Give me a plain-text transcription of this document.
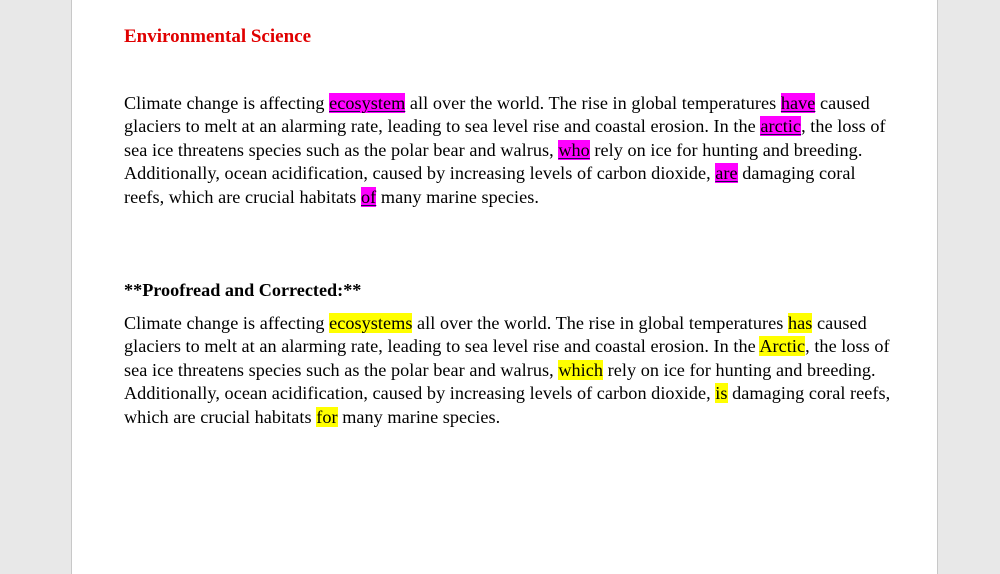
Environmental Science

Climate change is affecting ecosystem all over the world. The rise in global temperatures have caused glaciers to melt at an alarming rate, leading to sea level rise and coastal erosion. In the arctic, the loss of sea ice threatens species such as the polar bear and walrus, who rely on ice for hunting and breeding. Additionally, ocean acidification, caused by increasing levels of carbon dioxide, are damaging coral reefs, which are crucial habitats of many marine species.

**Proofread and Corrected:**

Climate change is affecting ecosystems all over the world. The rise in global temperatures has caused glaciers to melt at an alarming rate, leading to sea level rise and coastal erosion. In the Arctic, the loss of sea ice threatens species such as the polar bear and walrus, which rely on ice for hunting and breeding. Additionally, ocean acidification, caused by increasing levels of carbon dioxide, is damaging coral reefs, which are crucial habitats for many marine species.
